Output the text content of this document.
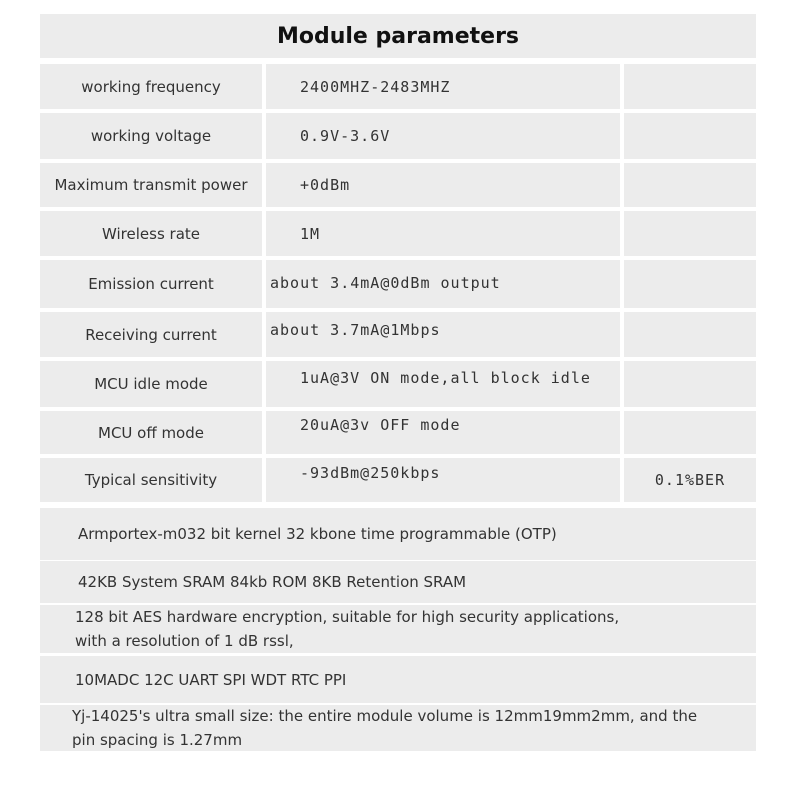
Module parameters
working frequency	2400MHZ-2483MHZ
working voltage	0.9V-3.6V
Maximum transmit power	+0dBm
Wireless rate	1M
Emission current	about 3.4mA@0dBm output
Receiving current	about 3.7mA@1Mbps
MCU idle mode	1uA@3V ON mode,all block idle
MCU off mode	20uA@3v OFF mode
Typical sensitivity	-93dBm@250kbps	0.1%BER
Armportex-m032 bit kernel 32 kbone time programmable (OTP)
42KB System SRAM 84kb ROM 8KB Retention SRAM
128 bit AES hardware encryption, suitable for high security applications,
with a resolution of 1 dB rssl,
10MADC 12C UART SPI WDT RTC PPI
Yj-14025's ultra small size: the entire module volume is 12mm19mm2mm, and the
pin spacing is 1.27mm
